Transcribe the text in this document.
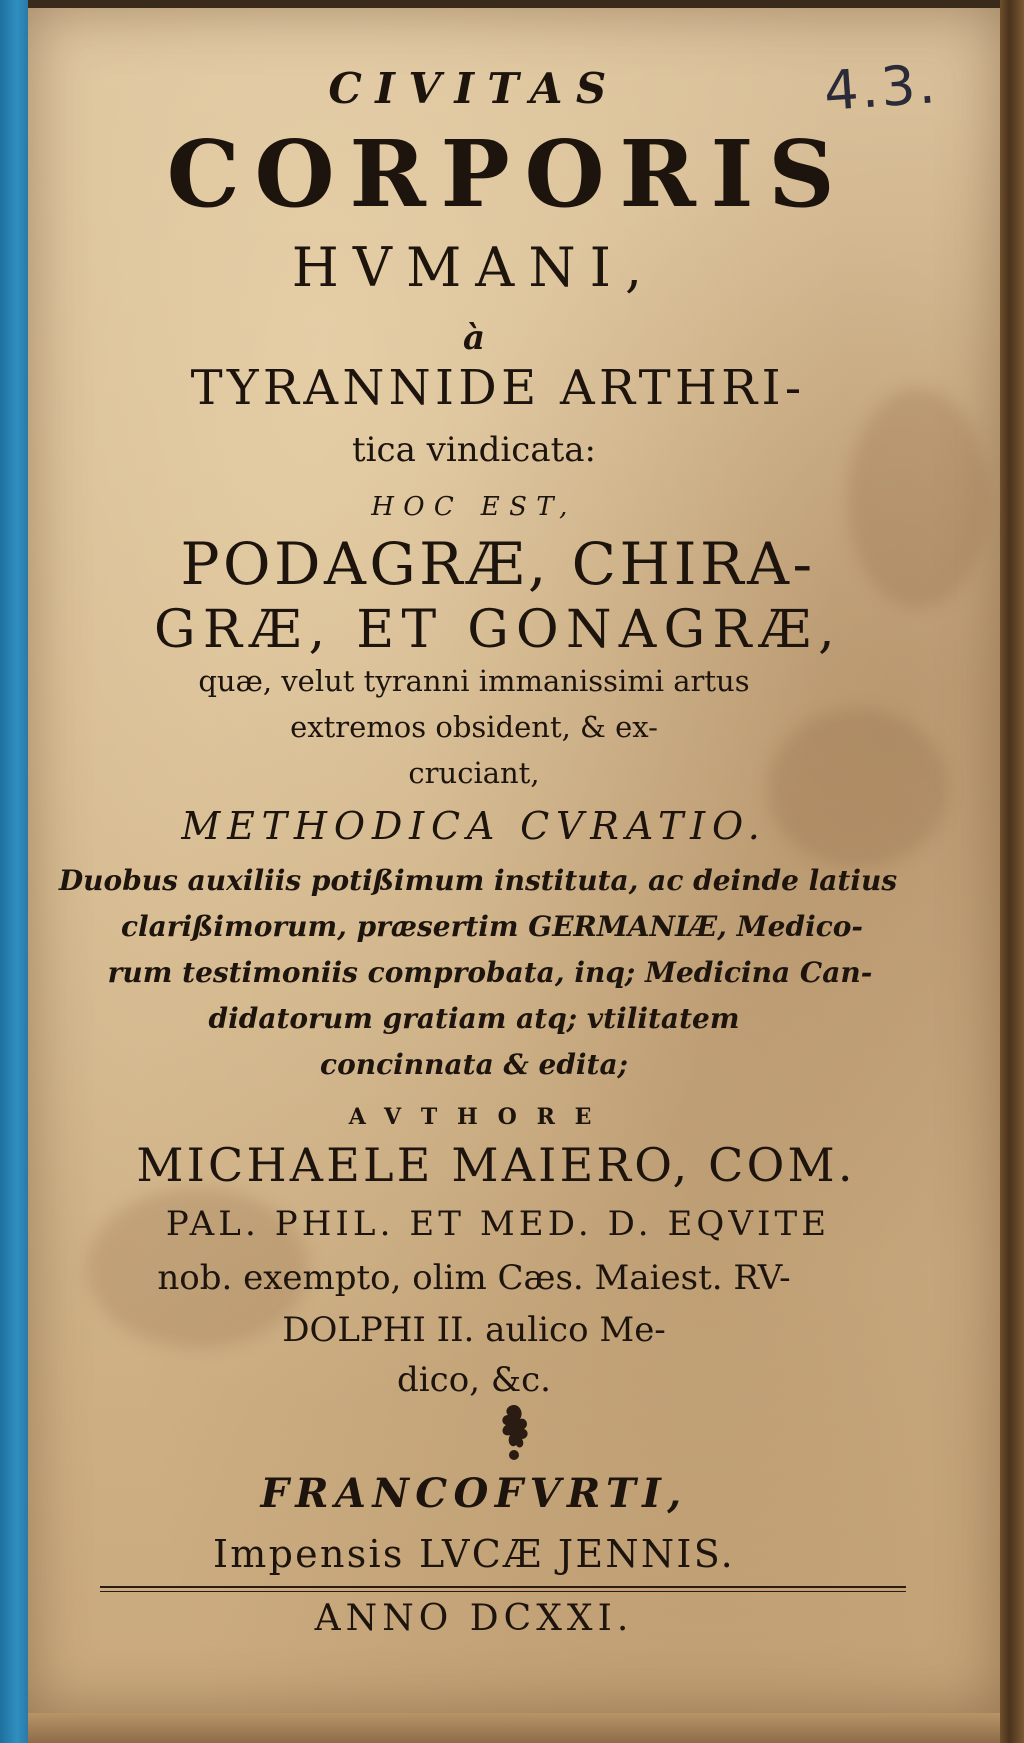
4.3.

CIVITAS

CORPORIS

HVMANI,

à

TYRANNIDE ARTHRI-

tica vindicata:

HOC EST,

PODAGRÆ, CHIRA-

GRÆ, ET GONAGRÆ,

quæ, velut tyranni immanissimi artus

extremos obsident, & ex-

cruciant,

METHODICA CVRATIO.

Duobus auxiliis potißimum instituta, ac deinde latius

clarißimorum, præsertim GERMANIÆ, Medico-

rum testimoniis comprobata, inq; Medicina Can-

didatorum gratiam atq; vtilitatem

concinnata & edita;

AVTHORE

MICHAELE MAIERO, COM.

PAL. PHIL. ET MED. D. EQVITE

nob. exempto, olim Cæs. Maiest. RV-

DOLPHI II. aulico Me-

dico, &c.

FRANCOFVRTI,

Impensis LVCÆ JENNIS.

ANNO DCXXI.
